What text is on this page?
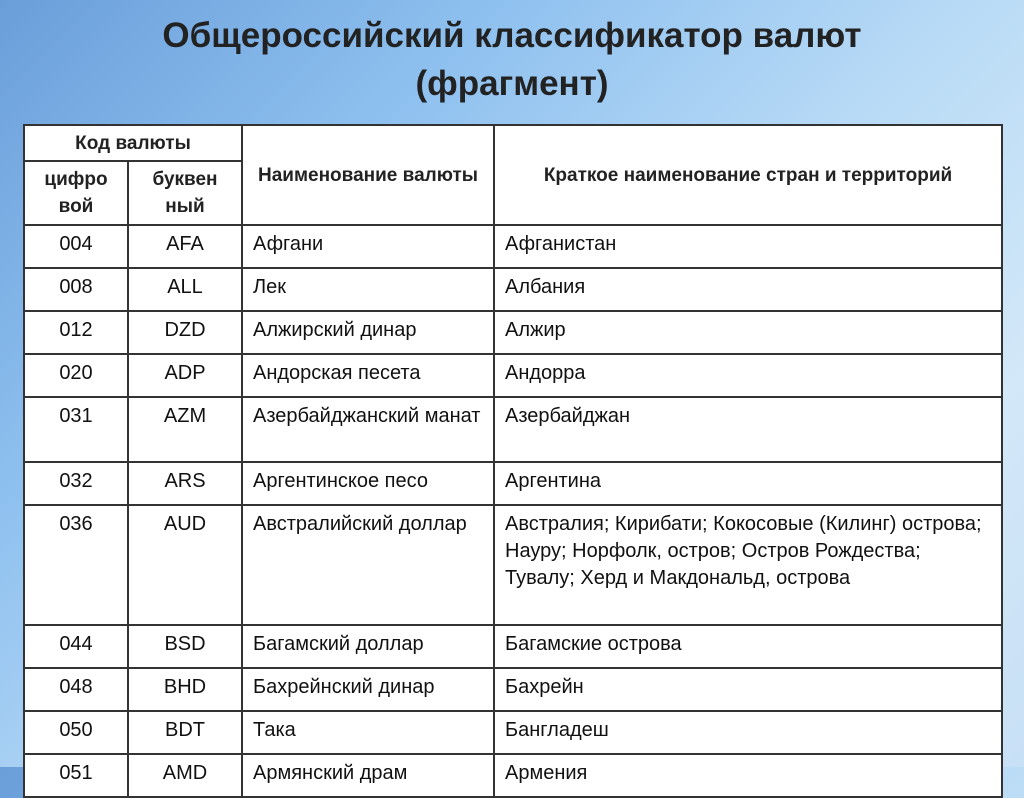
Общероссийский классификатор валют
(фрагмент)
Код валюты		Наименование валюты	Краткое наименование стран и территорий
цифро вой	буквен ный		
004	AFA	Афгани	Афганистан
008	ALL	Лек	Албания
012	DZD	Алжирский динар	Алжир
020	ADP	Андорская песета	Андорра
031	AZM	Азербайджанский манат	Азербайджан
032	ARS	Аргентинское песо	Аргентина
036	AUD	Австралийский доллар	Австралия; Кирибати; Кокосовые (Килинг) острова; Науру; Норфолк, остров; Остров Рождества; Тувалу; Херд и Макдональд, острова
044	BSD	Багамский доллар	Багамские острова
048	BHD	Бахрейнский динар	Бахрейн
050	BDT	Така	Бангладеш
051	AMD	Армянский драм	Армения
